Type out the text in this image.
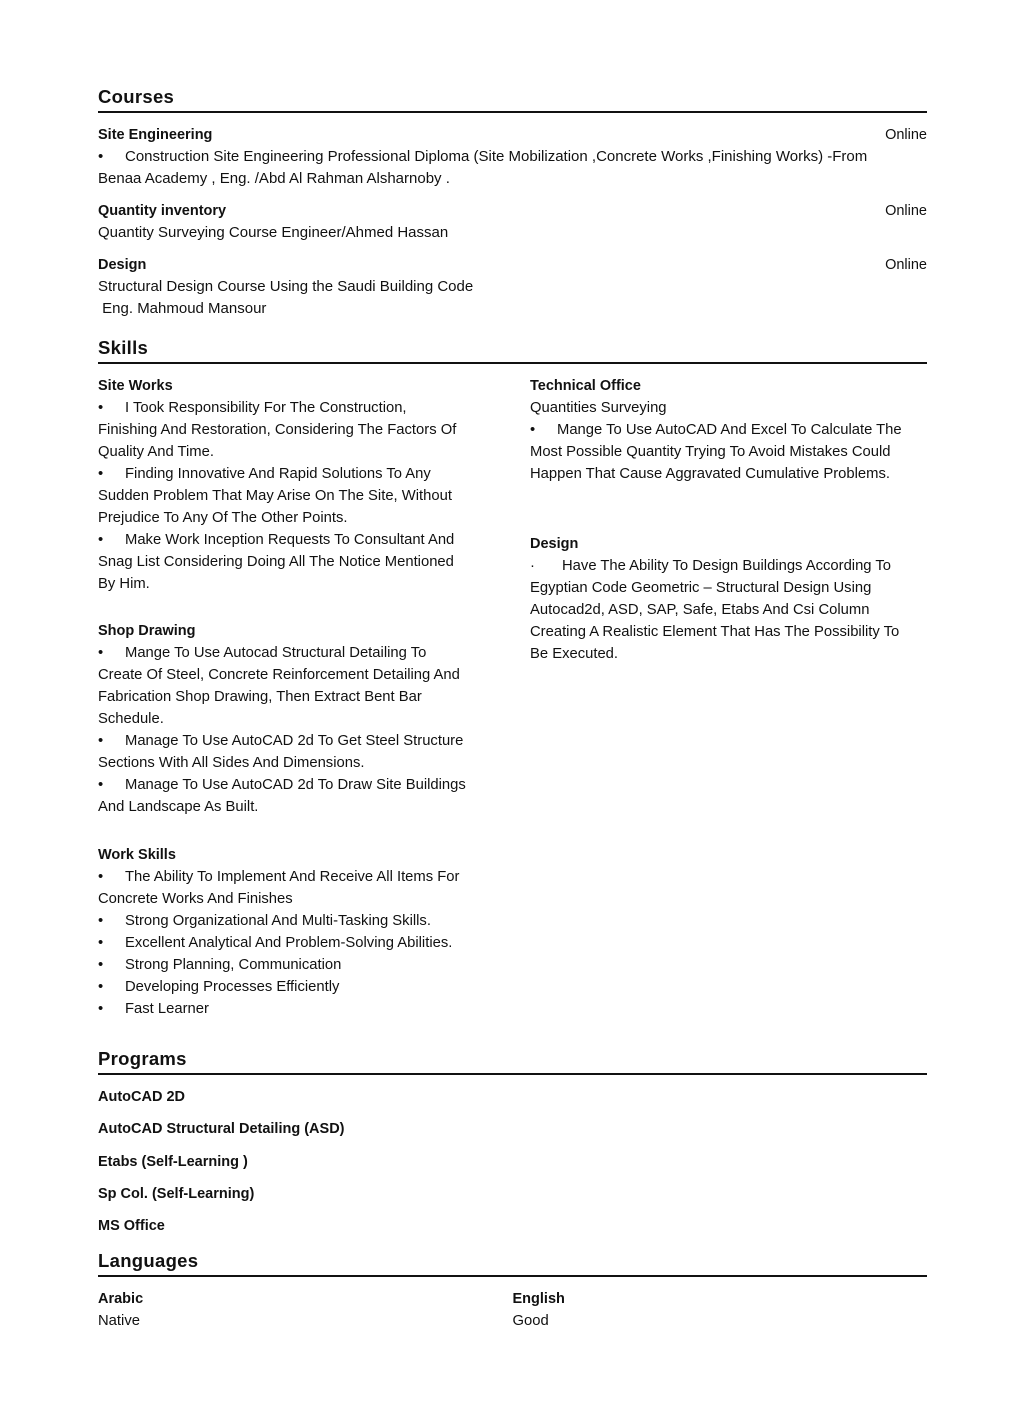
Courses
Site Engineering	Online
•	Construction Site Engineering Professional Diploma (Site Mobilization ,Concrete Works ,Finishing Works) -From
Benaa Academy , Eng. /Abd Al Rahman Alsharnoby .
Quantity inventory	Online
Quantity Surveying Course Engineer/Ahmed Hassan
Design	Online
Structural Design Course Using the Saudi Building Code
Eng. Mahmoud Mansour
Skills
Site Works
• I Took Responsibility For The Construction,
Finishing And Restoration, Considering The Factors Of
Quality And Time.
• Finding Innovative And Rapid Solutions To Any
Sudden Problem That May Arise On The Site, Without
Prejudice To Any Of The Other Points.
• Make Work Inception Requests To Consultant And
Snag List Considering Doing All The Notice Mentioned
By Him.
Shop Drawing
• Mange To Use Autocad Structural Detailing To
Create Of Steel, Concrete Reinforcement Detailing And
Fabrication Shop Drawing, Then Extract Bent Bar
Schedule.
• Manage To Use AutoCAD 2d To Get Steel Structure
Sections With All Sides And Dimensions.
• Manage To Use AutoCAD 2d To Draw Site Buildings
And Landscape As Built.
Work Skills
• The Ability To Implement And Receive All Items For
Concrete Works And Finishes
• Strong Organizational And Multi-Tasking Skills.
• Excellent Analytical And Problem-Solving Abilities.
• Strong Planning, Communication
• Developing Processes Efficiently
• Fast Learner
Technical Office
Quantities Surveying
• Mange To Use AutoCAD And Excel To Calculate The
Most Possible Quantity Trying To Avoid Mistakes Could
Happen That Cause Aggravated Cumulative Problems.
Design
· Have The Ability To Design Buildings According To
Egyptian Code Geometric – Structural Design Using
Autocad2d, ASD, SAP, Safe, Etabs And Csi Column
Creating A Realistic Element That Has The Possibility To
Be Executed.
Programs
AutoCAD 2D
AutoCAD Structural Detailing (ASD)
Etabs (Self-Learning )
Sp Col. (Self-Learning)
MS Office
Languages
Arabic
Native
English
Good
